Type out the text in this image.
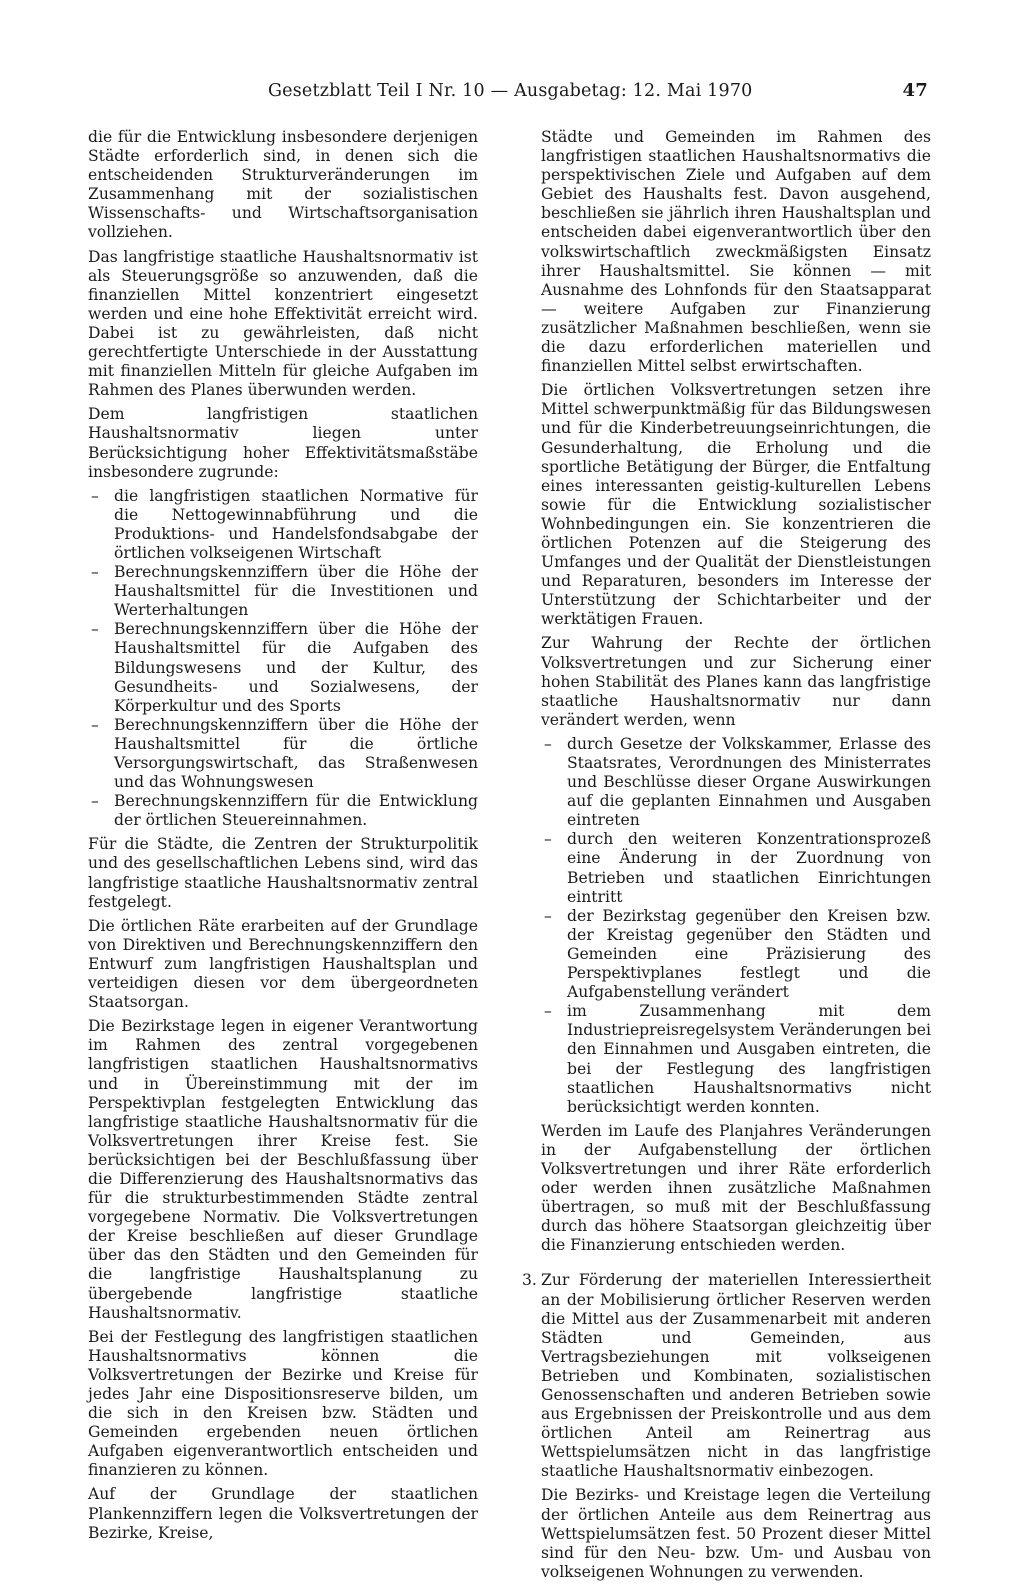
Gesetzblatt Teil I Nr. 10 — Ausgabetag: 12. Mai 1970	47

die für die Entwicklung insbesondere derjenigen Städte erforderlich sind, in denen sich die entscheidenden Strukturveränderungen im Zusammenhang mit der sozialistischen Wissenschafts- und Wirtschaftsorganisation vollziehen.

Das langfristige staatliche Haushaltsnormativ ist als Steuerungsgröße so anzuwenden, daß die finanziellen Mittel konzentriert eingesetzt werden und eine hohe Effektivität erreicht wird. Dabei ist zu gewährleisten, daß nicht gerechtfertigte Unterschiede in der Ausstattung mit finanziellen Mitteln für gleiche Aufgaben im Rahmen des Planes überwunden werden.

Dem langfristigen staatlichen Haushaltsnormativ liegen unter Berücksichtigung hoher Effektivitätsmaßstäbe insbesondere zugrunde:

– die langfristigen staatlichen Normative für die Nettogewinnabführung und die Produktions- und Handelsfondsabgabe der örtlichen volkseigenen Wirtschaft
– Berechnungskennziffern über die Höhe der Haushaltsmittel für die Investitionen und Werterhaltungen
– Berechnungskennziffern über die Höhe der Haushaltsmittel für die Aufgaben des Bildungswesens und der Kultur, des Gesundheits- und Sozialwesens, der Körperkultur und des Sports
– Berechnungskennziffern über die Höhe der Haushaltsmittel für die örtliche Versorgungswirtschaft, das Straßenwesen und das Wohnungswesen
– Berechnungskennziffern für die Entwicklung der örtlichen Steuereinnahmen.

Für die Städte, die Zentren der Strukturpolitik und des gesellschaftlichen Lebens sind, wird das langfristige staatliche Haushaltsnormativ zentral festgelegt.

Die örtlichen Räte erarbeiten auf der Grundlage von Direktiven und Berechnungskennziffern den Entwurf zum langfristigen Haushaltsplan und verteidigen diesen vor dem übergeordneten Staatsorgan.

Die Bezirkstage legen in eigener Verantwortung im Rahmen des zentral vorgegebenen langfristigen staatlichen Haushaltsnormativs und in Übereinstimmung mit der im Perspektivplan festgelegten Entwicklung das langfristige staatliche Haushaltsnormativ für die Volksvertretungen ihrer Kreise fest. Sie berücksichtigen bei der Beschlußfassung über die Differenzierung des Haushaltsnormativs das für die strukturbestimmenden Städte zentral vorgegebene Normativ. Die Volksvertretungen der Kreise beschließen auf dieser Grundlage über das den Städten und den Gemeinden für die langfristige Haushaltsplanung zu übergebende langfristige staatliche Haushaltsnormativ.

Bei der Festlegung des langfristigen staatlichen Haushaltsnormativs können die Volksvertretungen der Bezirke und Kreise für jedes Jahr eine Dispositionsreserve bilden, um die sich in den Kreisen bzw. Städten und Gemeinden ergebenden neuen örtlichen Aufgaben eigenverantwortlich entscheiden und finanzieren zu können.

Auf der Grundlage der staatlichen Plankennziffern legen die Volksvertretungen der Bezirke, Kreise,

Städte und Gemeinden im Rahmen des langfristigen staatlichen Haushaltsnormativs die perspektivischen Ziele und Aufgaben auf dem Gebiet des Haushalts fest. Davon ausgehend, beschließen sie jährlich ihren Haushaltsplan und entscheiden dabei eigenverantwortlich über den volkswirtschaftlich zweckmäßigsten Einsatz ihrer Haushaltsmittel. Sie können — mit Ausnahme des Lohnfonds für den Staatsapparat — weitere Aufgaben zur Finanzierung zusätzlicher Maßnahmen beschließen, wenn sie die dazu erforderlichen materiellen und finanziellen Mittel selbst erwirtschaften.

Die örtlichen Volksvertretungen setzen ihre Mittel schwerpunktmäßig für das Bildungswesen und für die Kinderbetreuungseinrichtungen, die Gesunderhaltung, die Erholung und die sportliche Betätigung der Bürger, die Entfaltung eines interessanten geistig-kulturellen Lebens sowie für die Entwicklung sozialistischer Wohnbedingungen ein. Sie konzentrieren die örtlichen Potenzen auf die Steigerung des Umfanges und der Qualität der Dienstleistungen und Reparaturen, besonders im Interesse der Unterstützung der Schichtarbeiter und der werktätigen Frauen.

Zur Wahrung der Rechte der örtlichen Volksvertretungen und zur Sicherung einer hohen Stabilität des Planes kann das langfristige staatliche Haushaltsnormativ nur dann verändert werden, wenn

– durch Gesetze der Volkskammer, Erlasse des Staatsrates, Verordnungen des Ministerrates und Beschlüsse dieser Organe Auswirkungen auf die geplanten Einnahmen und Ausgaben eintreten
– durch den weiteren Konzentrationsprozeß eine Änderung in der Zuordnung von Betrieben und staatlichen Einrichtungen eintritt
– der Bezirkstag gegenüber den Kreisen bzw. der Kreistag gegenüber den Städten und Gemeinden eine Präzisierung des Perspektivplanes festlegt und die Aufgabenstellung verändert
– im Zusammenhang mit dem Industriepreisregelsystem Veränderungen bei den Einnahmen und Ausgaben eintreten, die bei der Festlegung des langfristigen staatlichen Haushaltsnormativs nicht berücksichtigt werden konnten.

Werden im Laufe des Planjahres Veränderungen in der Aufgabenstellung der örtlichen Volksvertretungen und ihrer Räte erforderlich oder werden ihnen zusätzliche Maßnahmen übertragen, so muß mit der Beschlußfassung durch das höhere Staatsorgan gleichzeitig über die Finanzierung entschieden werden.

3. Zur Förderung der materiellen Interessiertheit an der Mobilisierung örtlicher Reserven werden die Mittel aus der Zusammenarbeit mit anderen Städten und Gemeinden, aus Vertragsbeziehungen mit volkseigenen Betrieben und Kombinaten, sozialistischen Genossenschaften und anderen Betrieben sowie aus Ergebnissen der Preiskontrolle und aus dem örtlichen Anteil am Reinertrag aus Wettspielumsätzen nicht in das langfristige staatliche Haushaltsnormativ einbezogen.

Die Bezirks- und Kreistage legen die Verteilung der örtlichen Anteile aus dem Reinertrag aus Wettspielumsätzen fest. 50 Prozent dieser Mittel sind für den Neu- bzw. Um- und Ausbau von volkseigenen Wohnungen zu verwenden.
